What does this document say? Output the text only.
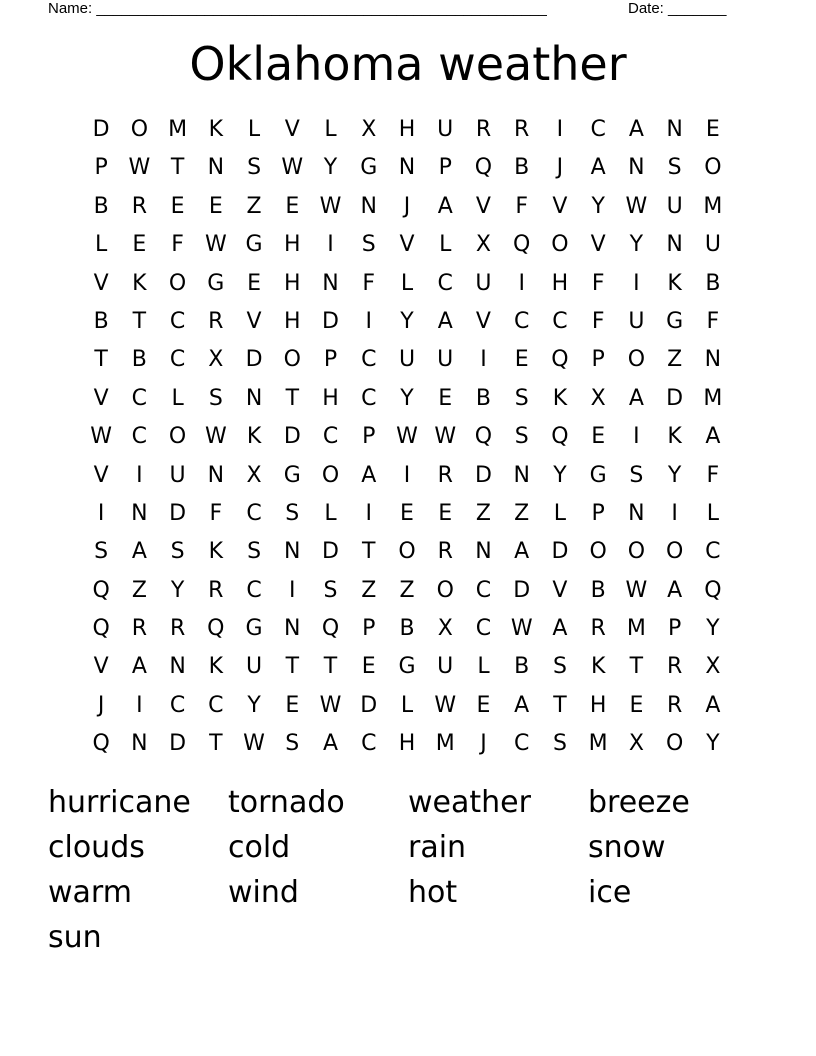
Name: ______________________________________________________	Date: _______
Oklahoma weather
D O M K	L	V	L	X	H U	R	R	I	C	A	N	E
P W T	N	S W Y	G N	P	Q	B	J	A	N	S	O
B	R	E	E	Z	E W N	J	A	V	F	V	Y W U M
L	E	F W G H	I	S	V	L	X	Q O	V	Y	N U
V	K	O G	E	H N	F	L	C	U	I	H	F	I	K	B
B	T	C	R	V	H D	I	Y	A	V	C	C	F	U G	F
T	B	C	X	D O	P	C	U	U	I	E	Q	P	O	Z	N
V	C	L	S	N	T	H	C	Y	E	B	S	K	X	A	D M
W C O W K	D	C	P W W Q	S	Q	E	I	K	A
V	I	U N	X	G O	A	I	R	D N	Y	G	S	Y	F
I	N D	F	C	S	L	I	E	E	Z	Z	L	P	N	I	L
S	A	S	K	S	N D	T	O R	N	A	D O O O C
Q	Z	Y	R	C	I	S	Z	Z	O C	D	V	B W A	Q
Q R	R Q G N Q	P	B	X	C W A	R M	P	Y
V	A	N	K	U	T	T	E	G U	L	B	S	K	T	R	X
J	I	C	C	Y	E W D	L W E	A	T	H	E	R	A
Q N D	T W S	A	C	H M	J	C	S M X	O	Y
hurricane	tornado	weather	breeze
clouds	cold	rain	snow
warm	wind	hot	ice
sun
